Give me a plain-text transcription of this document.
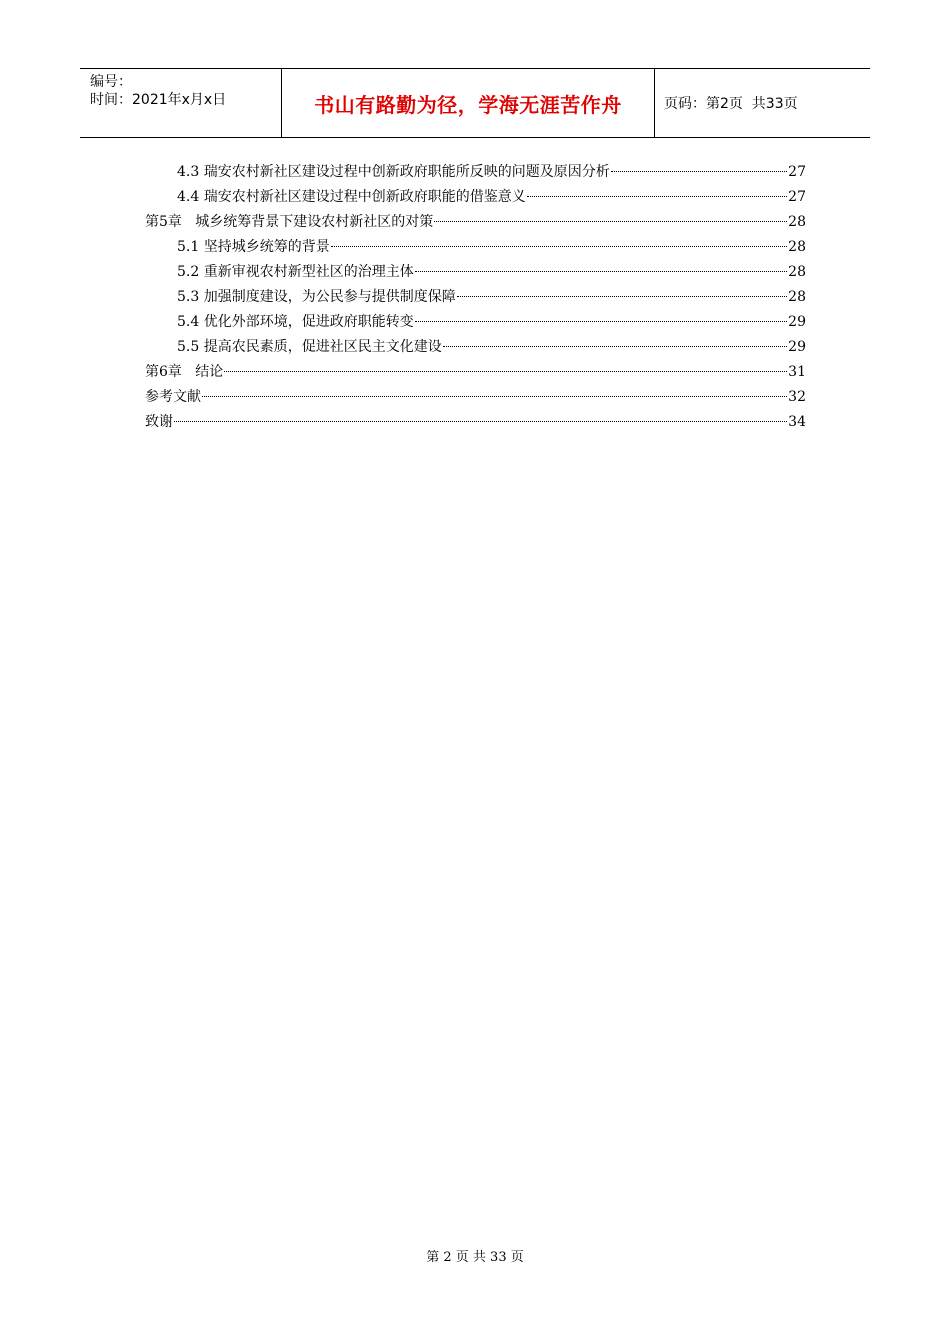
编号：
时间：2021年x月x日	书山有路勤为径，学海无涯苦作舟	页码：第2页  共33页
4.3 瑞安农村新社区建设过程中创新政府职能所反映的问题及原因分析	27
4.4 瑞安农村新社区建设过程中创新政府职能的借鉴意义	27
第5章   城乡统筹背景下建设农村新社区的对策	28
5.1 坚持城乡统筹的背景	28
5.2 重新审视农村新型社区的治理主体	28
5.3 加强制度建设，为公民参与提供制度保障	28
5.4 优化外部环境，促进政府职能转变	29
5.5 提高农民素质，促进社区民主文化建设	29
第6章   结论	31
参考文献	32
致谢	34
第 2 页 共 33 页
